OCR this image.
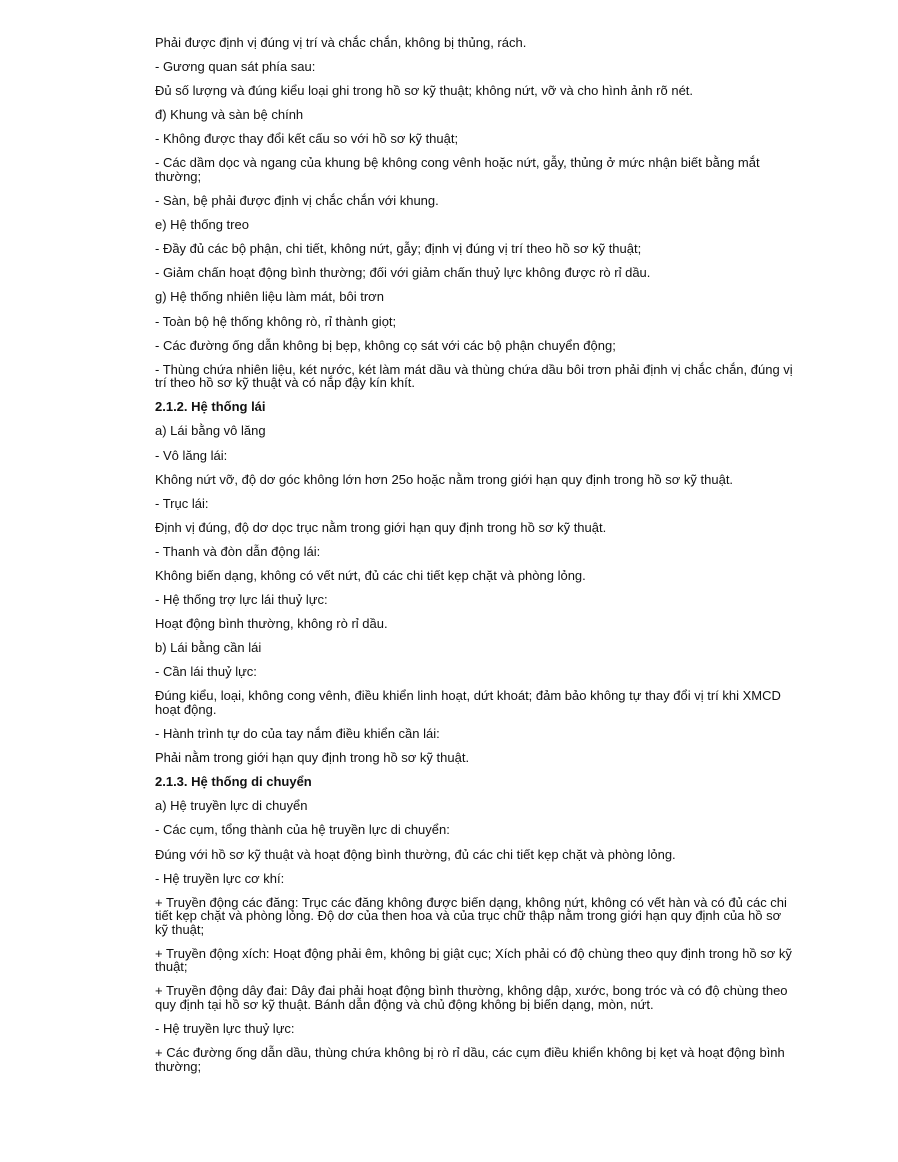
Phải được định vị đúng vị trí và chắc chắn, không bị thủng, rách.

- Gương quan sát phía sau:

Đủ số lượng và đúng kiểu loại ghi trong hồ sơ kỹ thuật; không nứt, vỡ và cho hình ảnh rõ nét.

đ) Khung và sàn bệ chính

- Không được thay đổi kết cấu so với hồ sơ kỹ thuật;

- Các dầm dọc và ngang của khung bệ không cong vênh hoặc nứt, gẫy, thủng ở mức nhận biết bằng mắt thường;

- Sàn, bệ phải được định vị chắc chắn với khung.

e) Hệ thống treo

- Đầy đủ các bộ phận, chi tiết, không nứt, gẫy; định vị đúng vị trí theo hồ sơ kỹ thuật;

- Giảm chấn hoạt động bình thường; đối với giảm chấn thuỷ lực không được rò rỉ dầu.

g) Hệ thống nhiên liệu làm mát, bôi trơn

- Toàn bộ hệ thống không rò, rỉ thành giọt;

- Các đường ống dẫn không bị bẹp, không cọ sát với các bộ phận chuyển động;

- Thùng chứa nhiên liệu, két nước, két làm mát dầu và thùng chứa dầu bôi trơn phải định vị chắc chắn, đúng vị trí theo hồ sơ kỹ thuật và có nắp đậy kín khít.

2.1.2. Hệ thống lái

a) Lái bằng vô lăng

- Vô lăng lái:

Không nứt vỡ, độ dơ góc không lớn hơn 25o hoặc nằm trong giới hạn quy định trong hồ sơ kỹ thuật.

- Trục lái:

Định vị đúng, độ dơ dọc trục nằm trong giới hạn quy định trong hồ sơ kỹ thuật.

- Thanh và đòn dẫn động lái:

Không biến dạng, không có vết nứt, đủ các chi tiết kẹp chặt và phòng lỏng.

- Hệ thống trợ lực lái thuỷ lực:

Hoạt động bình thường, không rò rỉ dầu.

b) Lái bằng cần lái

- Cần lái thuỷ lực:

Đúng kiểu, loại, không cong vênh, điều khiển linh hoạt, dứt khoát; đảm bảo không tự thay đổi vị trí khi XMCD hoạt động.

- Hành trình tự do của tay nắm điều khiển cần lái:

Phải nằm trong giới hạn quy định trong hồ sơ kỹ thuật.

2.1.3. Hệ thống di chuyển

a) Hệ truyền lực di chuyển

- Các cụm, tổng thành của hệ truyền lực di chuyển:

Đúng với hồ sơ kỹ thuật và hoạt động bình thường, đủ các chi tiết kẹp chặt và phòng lỏng.

- Hệ truyền lực cơ khí:

+ Truyền động các đăng: Trục các đăng không được biến dạng, không nứt, không có vết hàn và có đủ các chi tiết kẹp chặt và phòng lỏng. Độ dơ của then hoa và của trục chữ thập nằm trong giới hạn quy định của hồ sơ kỹ thuật;

+ Truyền động xích: Hoạt động phải êm, không bị giật cục; Xích phải có độ chùng theo quy định trong hồ sơ kỹ thuật;

+ Truyền động dây đai: Dây đai phải hoạt động bình thường, không dập, xước, bong tróc và có độ chùng theo quy định tại hồ sơ kỹ thuật. Bánh dẫn động và chủ động không bị biến dạng, mòn, nứt.

- Hệ truyền lực thuỷ lực:

+ Các đường ống dẫn dầu, thùng chứa không bị rò rỉ dầu, các cụm điều khiển không bị kẹt và hoạt động bình thường;
